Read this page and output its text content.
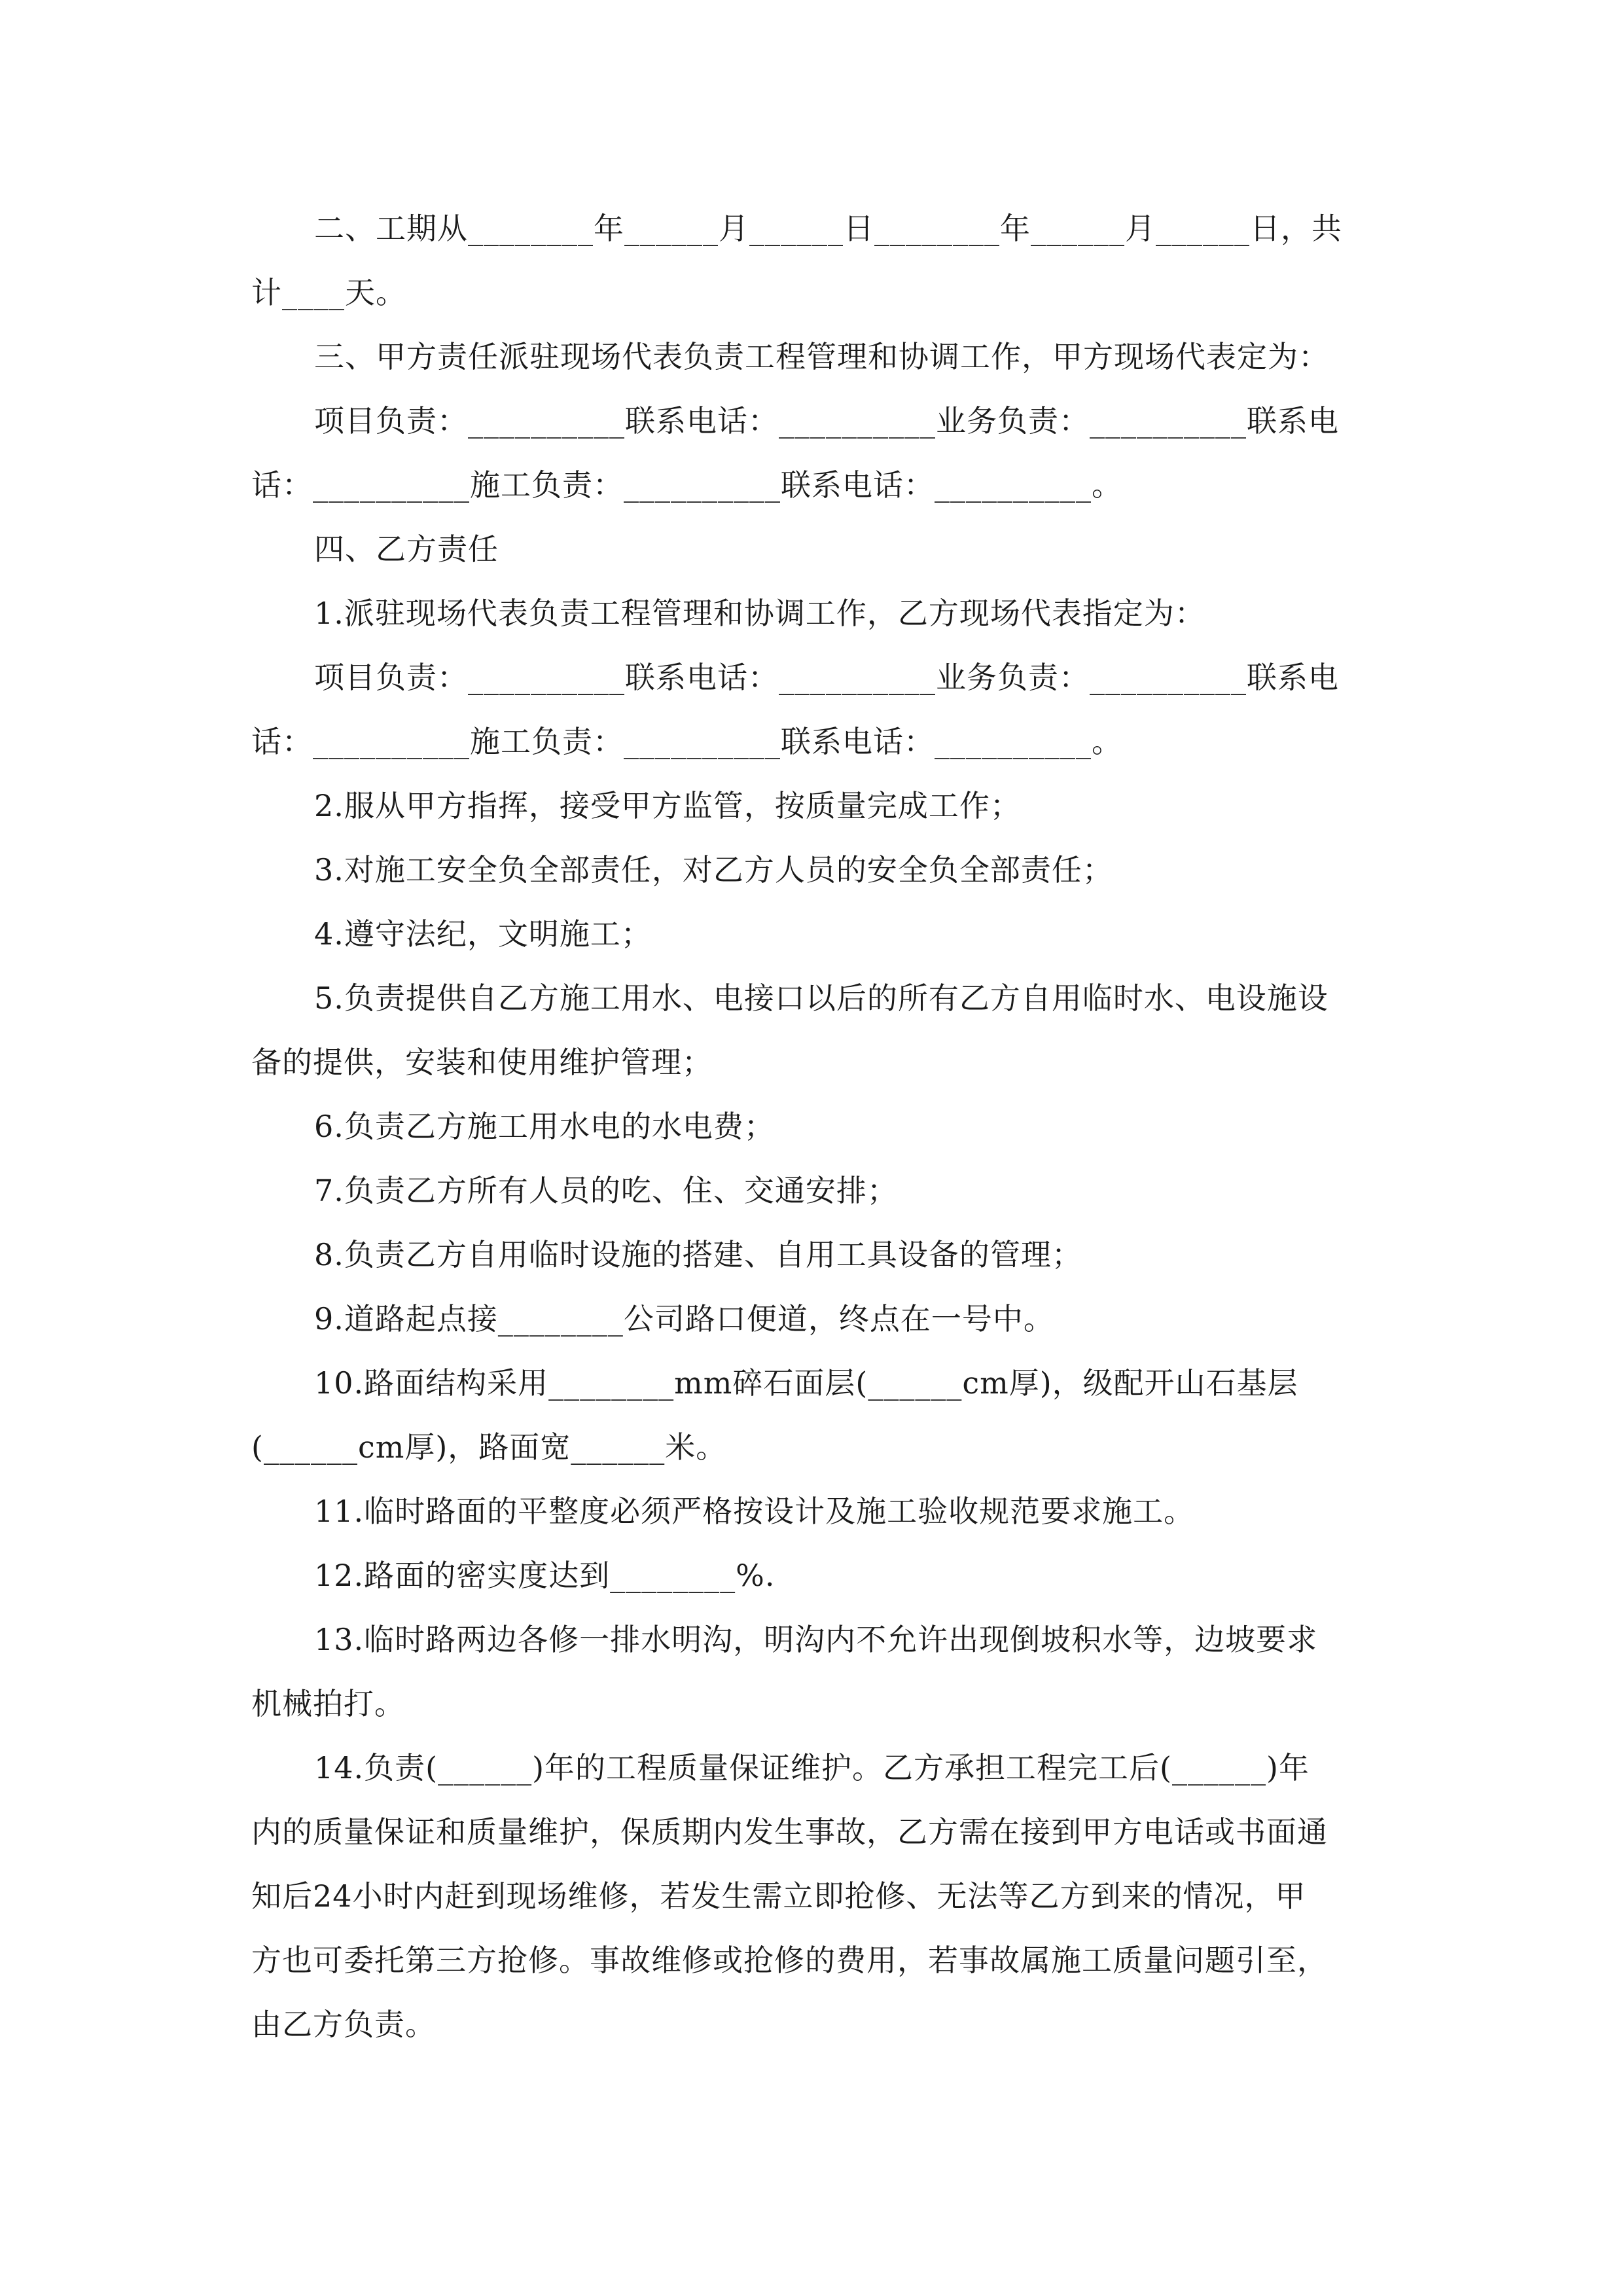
二、工期从________年______月______日________年______月______日，共
计____天。
三、甲方责任派驻现场代表负责工程管理和协调工作，甲方现场代表定为：
项目负责：__________联系电话：__________业务负责：__________联系电
话：__________施工负责：__________联系电话：__________。
四、乙方责任
1.派驻现场代表负责工程管理和协调工作，乙方现场代表指定为：
项目负责：__________联系电话：__________业务负责：__________联系电
话：__________施工负责：__________联系电话：__________。
2.服从甲方指挥，接受甲方监管，按质量完成工作；
3.对施工安全负全部责任，对乙方人员的安全负全部责任；
4.遵守法纪，文明施工；
5.负责提供自乙方施工用水、电接口以后的所有乙方自用临时水、电设施设
备的提供，安装和使用维护管理；
6.负责乙方施工用水电的水电费；
7.负责乙方所有人员的吃、住、交通安排；
8.负责乙方自用临时设施的搭建、自用工具设备的管理；
9.道路起点接________公司路口便道，终点在一号中。
10.路面结构采用________mm碎石面层(______cm厚)，级配开山石基层
(______cm厚)，路面宽______米。
11.临时路面的平整度必须严格按设计及施工验收规范要求施工。
12.路面的密实度达到________%.
13.临时路两边各修一排水明沟，明沟内不允许出现倒坡积水等，边坡要求
机械拍打。
14.负责(______)年的工程质量保证维护。乙方承担工程完工后(______)年
内的质量保证和质量维护，保质期内发生事故，乙方需在接到甲方电话或书面通
知后24小时内赶到现场维修，若发生需立即抢修、无法等乙方到来的情况，甲
方也可委托第三方抢修。事故维修或抢修的费用，若事故属施工质量问题引至，
由乙方负责。
